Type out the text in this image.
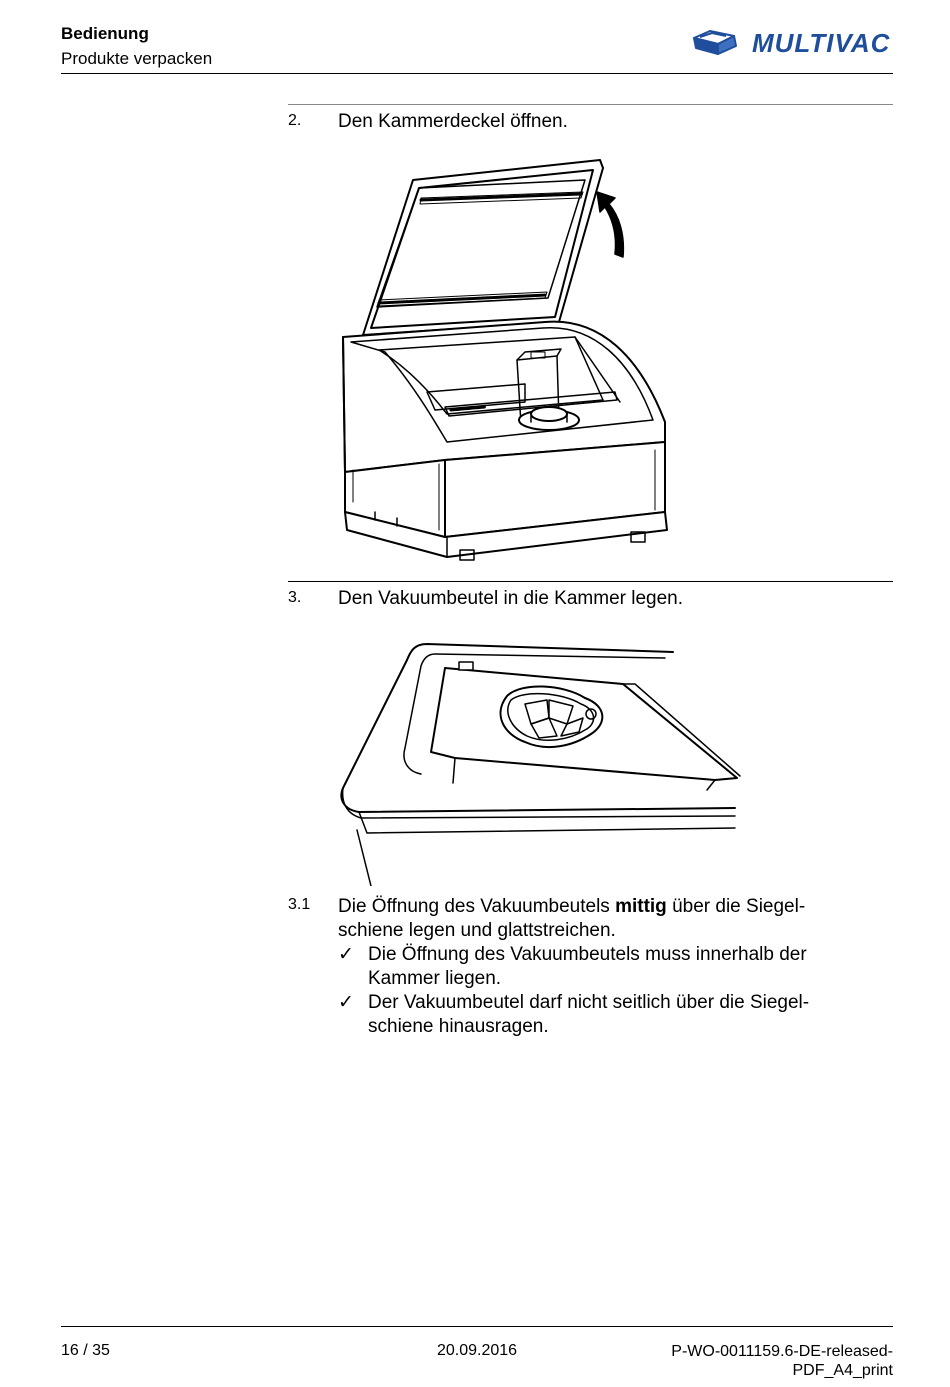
Bedienung
Produkte verpacken
MULTIVAC
2. Den Kammerdeckel öffnen.
3. Den Vakuumbeutel in die Kammer legen.
3.1 Die Öffnung des Vakuumbeutels mittig über die Siegel-
schiene legen und glattstreichen.

✓ Die Öffnung des Vakuumbeutels muss innerhalb der
Kammer liegen.
✓ Der Vakuumbeutel darf nicht seitlich über die Siegel-
schiene hinausragen.
16 / 35	20.09.2016	P-WO-0011159.6-DE-released-
PDF_A4_print
